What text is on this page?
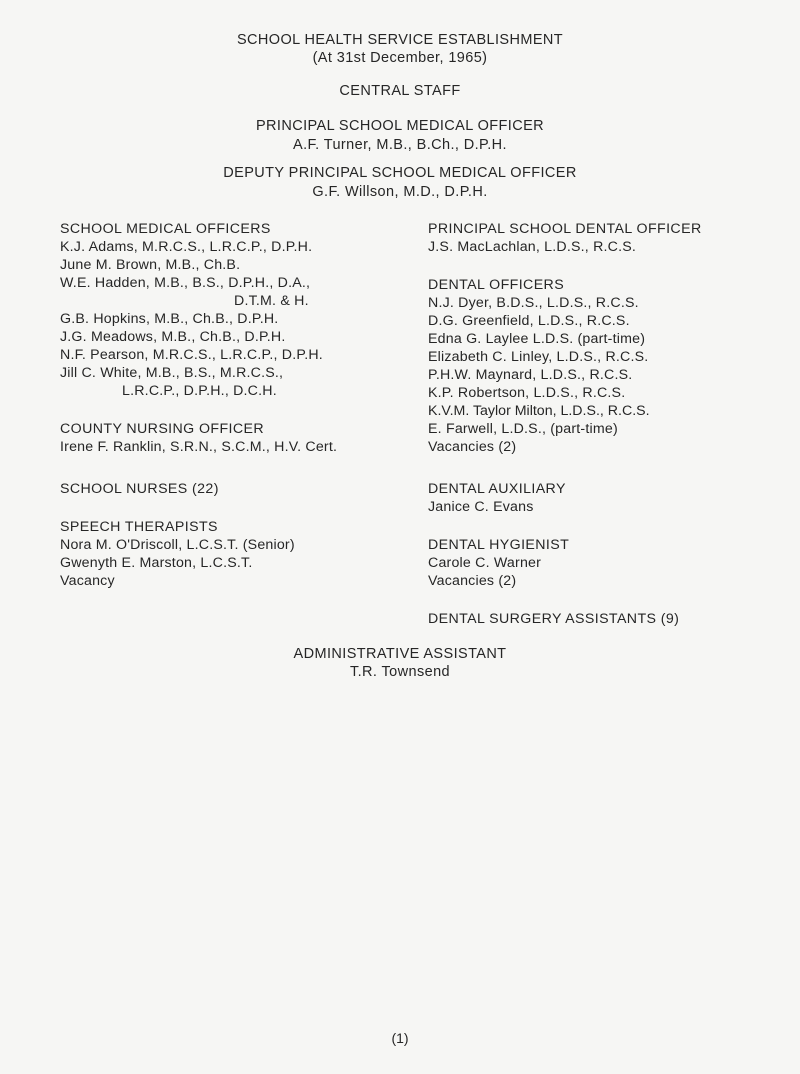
SCHOOL HEALTH SERVICE ESTABLISHMENT
(At 31st December, 1965)
CENTRAL STAFF
PRINCIPAL SCHOOL MEDICAL OFFICER
A.F. Turner, M.B., B.Ch., D.P.H.
DEPUTY PRINCIPAL SCHOOL MEDICAL OFFICER
G.F. Willson, M.D., D.P.H.
SCHOOL MEDICAL OFFICERS
K.J. Adams, M.R.C.S., L.R.C.P., D.P.H.
June M. Brown, M.B., Ch.B.
W.E. Hadden, M.B., B.S., D.P.H., D.A.,
D.T.M. & H.
G.B. Hopkins, M.B., Ch.B., D.P.H.
J.G. Meadows, M.B., Ch.B., D.P.H.
N.F. Pearson, M.R.C.S., L.R.C.P., D.P.H.
Jill C. White, M.B., B.S., M.R.C.S.,
L.R.C.P., D.P.H., D.C.H.
COUNTY NURSING OFFICER
Irene F. Ranklin, S.R.N., S.C.M., H.V. Cert.
SCHOOL NURSES (22)
SPEECH THERAPISTS
Nora M. O'Driscoll, L.C.S.T. (Senior)
Gwenyth E. Marston, L.C.S.T.
Vacancy
PRINCIPAL SCHOOL DENTAL OFFICER
J.S. MacLachlan, L.D.S., R.C.S.
DENTAL OFFICERS
N.J. Dyer, B.D.S., L.D.S., R.C.S.
D.G. Greenfield, L.D.S., R.C.S.
Edna G. Laylee L.D.S. (part-time)
Elizabeth C. Linley, L.D.S., R.C.S.
P.H.W. Maynard, L.D.S., R.C.S.
K.P. Robertson, L.D.S., R.C.S.
K.V.M. Taylor Milton, L.D.S., R.C.S.
E. Farwell, L.D.S., (part-time)
Vacancies (2)
DENTAL AUXILIARY
Janice C. Evans
DENTAL HYGIENIST
Carole C. Warner
Vacancies (2)
DENTAL SURGERY ASSISTANTS (9)
ADMINISTRATIVE ASSISTANT
T.R. Townsend
(1)
